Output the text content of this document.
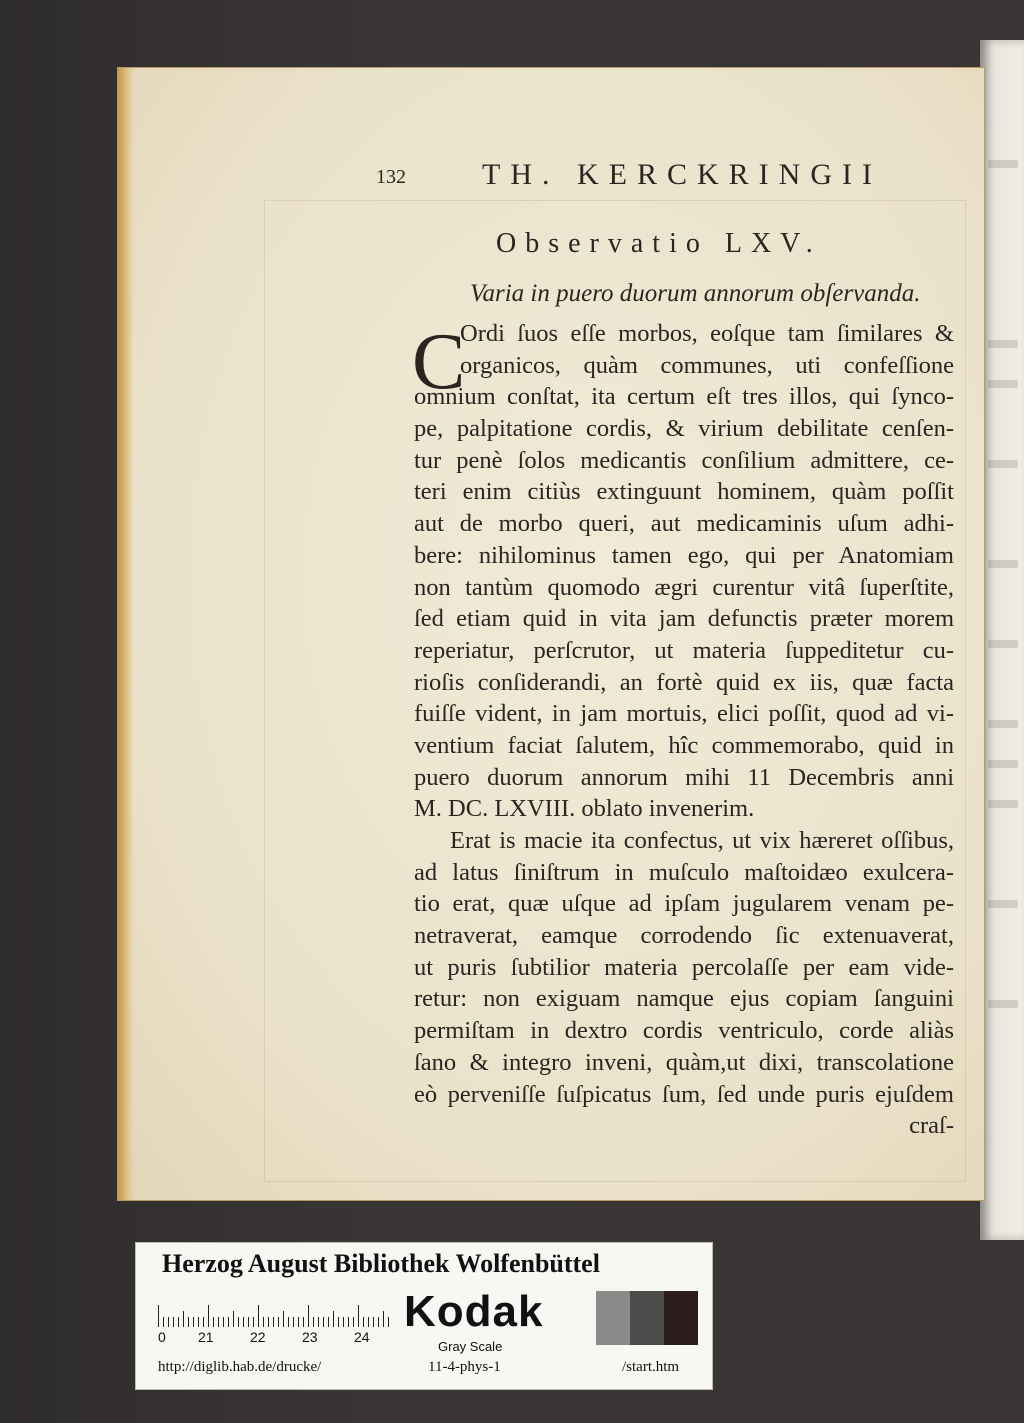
132	TH. KERCKRINGII
Observatio LXV.
Varia in puero duorum annorum obſervanda.
C
Ordi ſuos eſſe morbos, eoſque tam ſimilares &
organicos, quàm communes, uti confeſſione
omnium conſtat, ita certum eſt tres illos, qui ſynco-
pe, palpitatione cordis, & virium debilitate cenſen-
tur penè ſolos medicantis conſilium admittere, ce-
teri enim citiùs extinguunt hominem, quàm poſſit
aut de morbo queri, aut medicaminis uſum adhi-
bere: nihilominus tamen ego, qui per Anatomiam
non tantùm quomodo ægri curentur vitâ ſuperſtite,
ſed etiam quid in vita jam defunctis præter morem
reperiatur, perſcrutor, ut materia ſuppeditetur cu-
rioſis conſiderandi, an fortè quid ex iis, quæ facta
fuiſſe vident, in jam mortuis, elici poſſit, quod ad vi-
ventium faciat ſalutem, hîc commemorabo, quid in
puero duorum annorum mihi 11 Decembris anni
M. DC. LXVIII. oblato invenerim.
Erat is macie ita confectus, ut vix hæreret oſſibus,
ad latus ſiniſtrum in muſculo maſtoidæo exulcera-
tio erat, quæ uſque ad ipſam jugularem venam pe-
netraverat, eamque corrodendo ſic extenuaverat,
ut puris ſubtilior materia percolaſſe per eam vide-
retur: non exiguam namque ejus copiam ſanguini
permiſtam in dextro cordis ventriculo, corde aliàs
ſano & integro inveni, quàm,ut dixi, transcolatione
eò perveniſſe ſuſpicatus ſum, ſed unde puris ejuſdem
craſ-
Herzog August Bibliothek Wolfenbüttel
0 21	22	23	24
Kodak
Gray Scale
http://diglib.hab.de/drucke/	11-4-phys-1	/start.htm
